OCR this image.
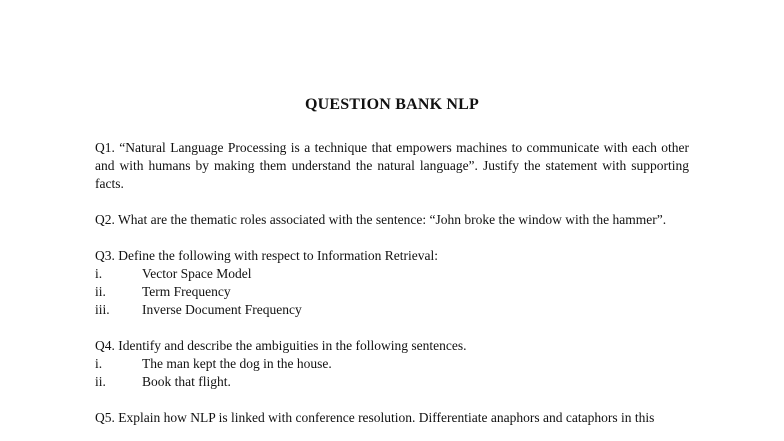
QUESTION BANK NLP

Q1. “Natural Language Processing is a technique that empowers machines to communicate with each other and with humans by making them understand the natural language”. Justify the statement with supporting facts.

Q2. What are the thematic roles associated with the sentence: “John broke the window with the hammer”.

Q3. Define the following with respect to Information Retrieval:

i.	Vector Space Model
ii.	Term Frequency
iii.	Inverse Document Frequency

Q4. Identify and describe the ambiguities in the following sentences.

i.	The man kept the dog in the house.
ii.	Book that flight.

Q5. Explain how NLP is linked with conference resolution. Differentiate anaphors and cataphors in this
